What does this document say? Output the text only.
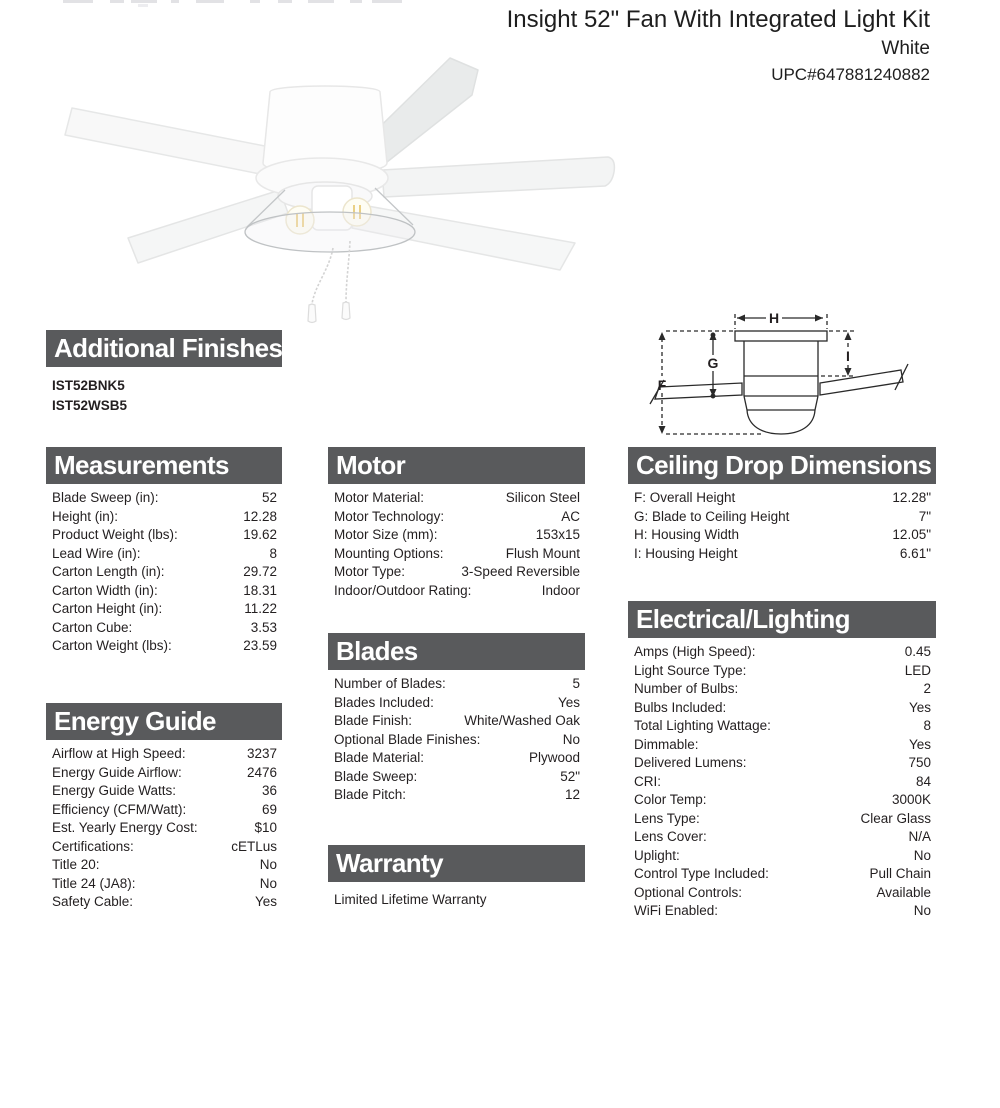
Insight 52" Fan With Integrated Light Kit
White
UPC#647881240882
H
F
G	I
Additional Finishes
IST52BNK5
IST52WSB5
Measurements
Blade Sweep (in):	52
Height (in):	12.28
Product Weight (lbs):	19.62
Lead Wire (in):	8
Carton Length (in):	29.72
Carton Width (in):	18.31
Carton Height (in):	11.22
Carton Cube:	3.53
Carton Weight (lbs):	23.59
Energy Guide
Airflow at High Speed:	3237
Energy Guide Airflow:	2476
Energy Guide Watts:	36
Efficiency (CFM/Watt):	69
Est. Yearly Energy Cost:	$10
Certifications:	cETLus
Title 20:	No
Title 24 (JA8):	No
Safety Cable:	Yes
Motor
Motor Material:	Silicon Steel
Motor Technology:	AC
Motor Size (mm):	153x15
Mounting Options:	Flush Mount
Motor Type:	3-Speed Reversible
Indoor/Outdoor Rating:	Indoor
Blades
Number of Blades:	5
Blades Included:	Yes
Blade Finish:	White/Washed Oak
Optional Blade Finishes:	No
Blade Material:	Plywood
Blade Sweep:	52"
Blade Pitch:	12
Warranty
Limited Lifetime Warranty
Ceiling Drop Dimensions
F: Overall Height	12.28"
G: Blade to Ceiling Height	7"
H: Housing Width	12.05"
I: Housing Height	6.61"
Electrical/Lighting
Amps (High Speed):	0.45
Light Source Type:	LED
Number of Bulbs:	2
Bulbs Included:	Yes
Total Lighting Wattage:	8
Dimmable:	Yes
Delivered Lumens:	750
CRI:	84
Color Temp:	3000K
Lens Type:	Clear Glass
Lens Cover:	N/A
Uplight:	No
Control Type Included:	Pull Chain
Optional Controls:	Available
WiFi Enabled:	No
